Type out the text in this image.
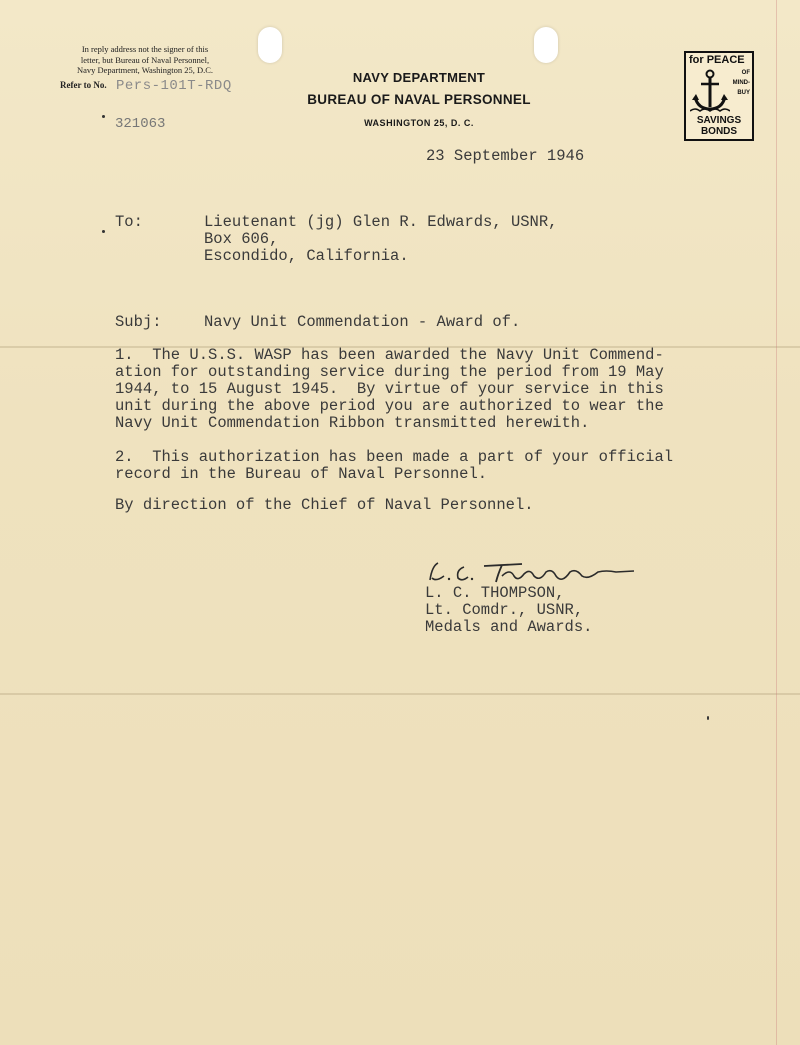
In reply address not the signer of this
letter, but Bureau of Naval Personnel,
Navy Department, Washington 25, D.C.
Refer to No. Pers-101T-RDQ
321063
NAVY DEPARTMENT
BUREAU OF NAVAL PERSONNEL
WASHINGTON 25, D. C.
for PEACE
OF
MIND-
BUY
SAVINGS
BONDS
23 September 1946
To:	Lieutenant (jg) Glen R. Edwards, USNR,
Box 606,
Escondido, California.
Subj:	Navy Unit Commendation - Award of.
1.  The U.S.S. WASP has been awarded the Navy Unit Commend-
ation for outstanding service during the period from 19 May
1944, to 15 August 1945.  By virtue of your service in this
unit during the above period you are authorized to wear the
Navy Unit Commendation Ribbon transmitted herewith.
2.  This authorization has been made a part of your official
record in the Bureau of Naval Personnel.
By direction of the Chief of Naval Personnel.
L. C. THOMPSON,
Lt. Comdr., USNR,
Medals and Awards.
